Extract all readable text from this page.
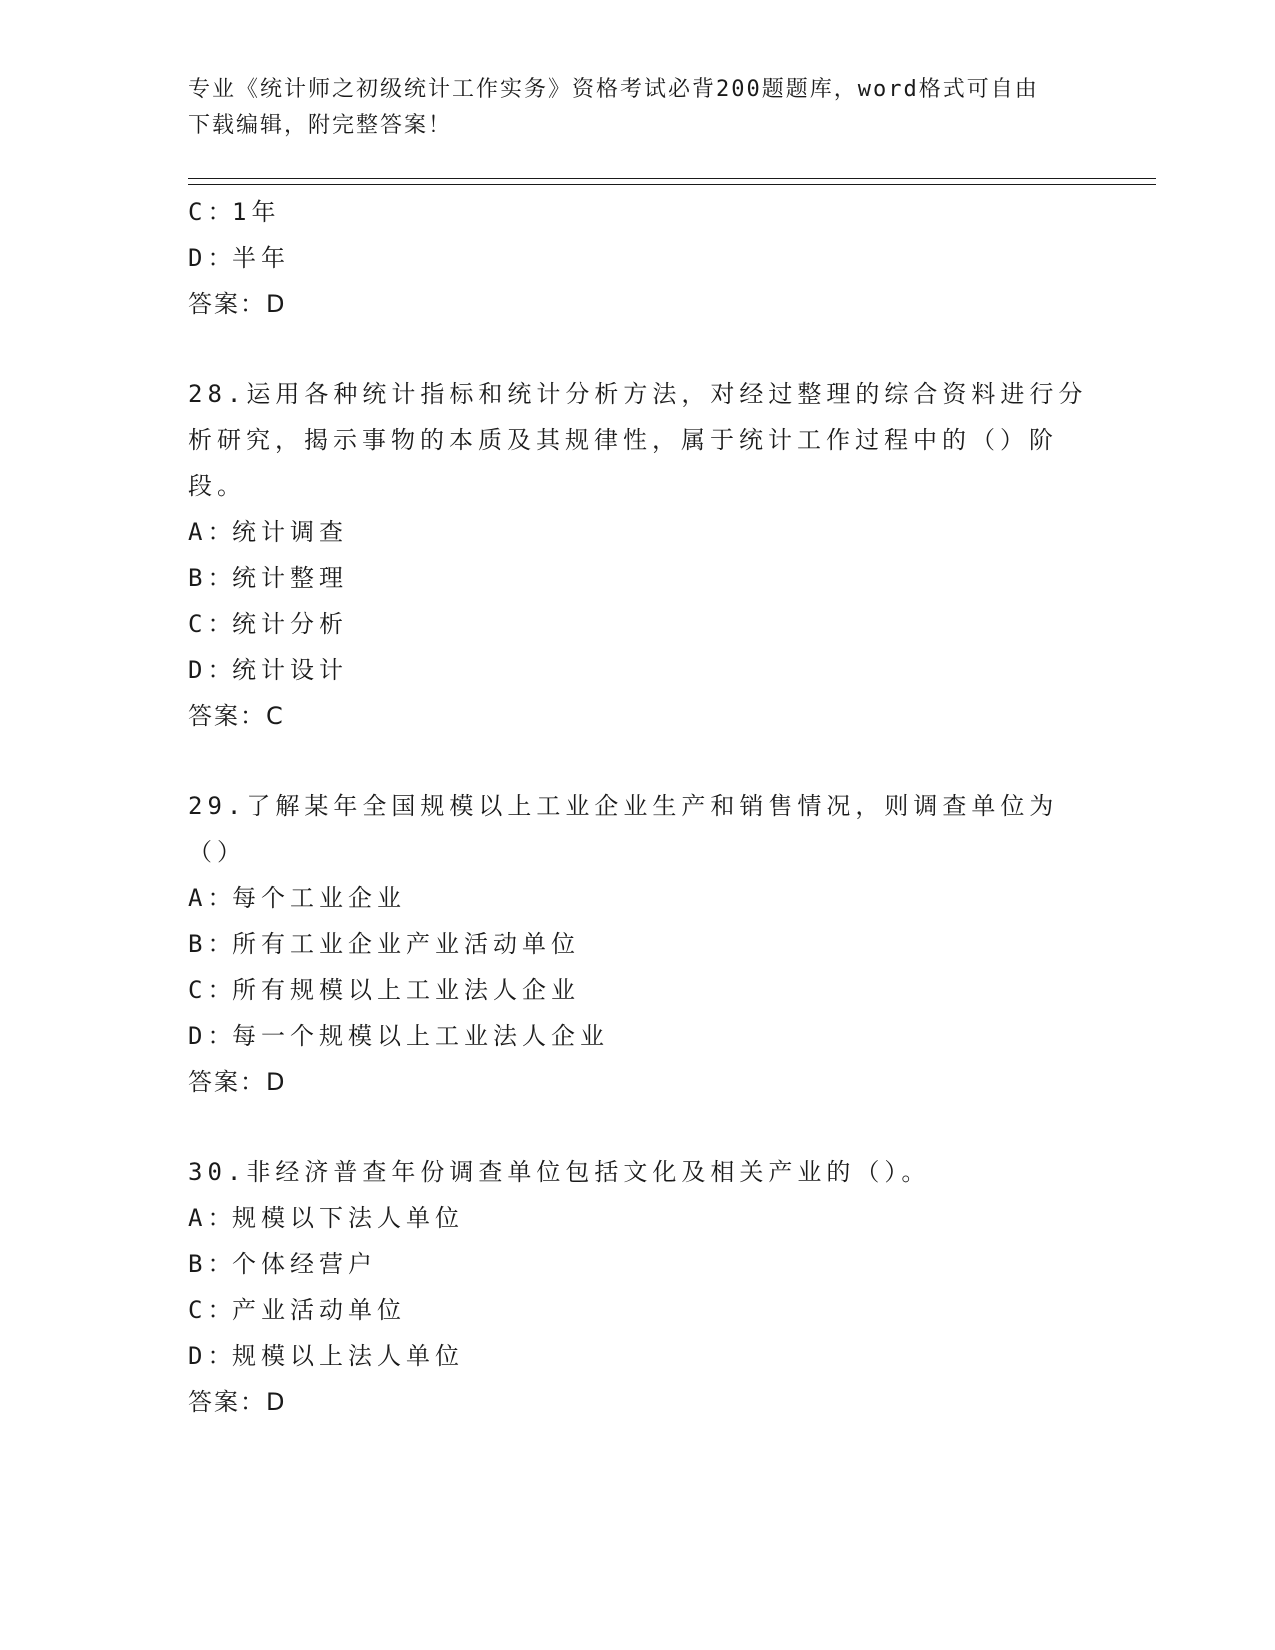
专业《统计师之初级统计工作实务》资格考试必背200题题库，word格式可自由
下载编辑，附完整答案！
C：1年
D：半年
答案：D
28.运用各种统计指标和统计分析方法，对经过整理的综合资料进行分析研究，揭示事物的本质及其规律性，属于统计工作过程中的（）阶段。
A：统计调查
B：统计整理
C：统计分析
D：统计设计
答案：C
29.了解某年全国规模以上工业企业生产和销售情况，则调查单位为（）
A：每个工业企业
B：所有工业企业产业活动单位
C：所有规模以上工业法人企业
D：每一个规模以上工业法人企业
答案：D
30.非经济普查年份调查单位包括文化及相关产业的（）。
A：规模以下法人单位
B：个体经营户
C：产业活动单位
D：规模以上法人单位
答案：D
